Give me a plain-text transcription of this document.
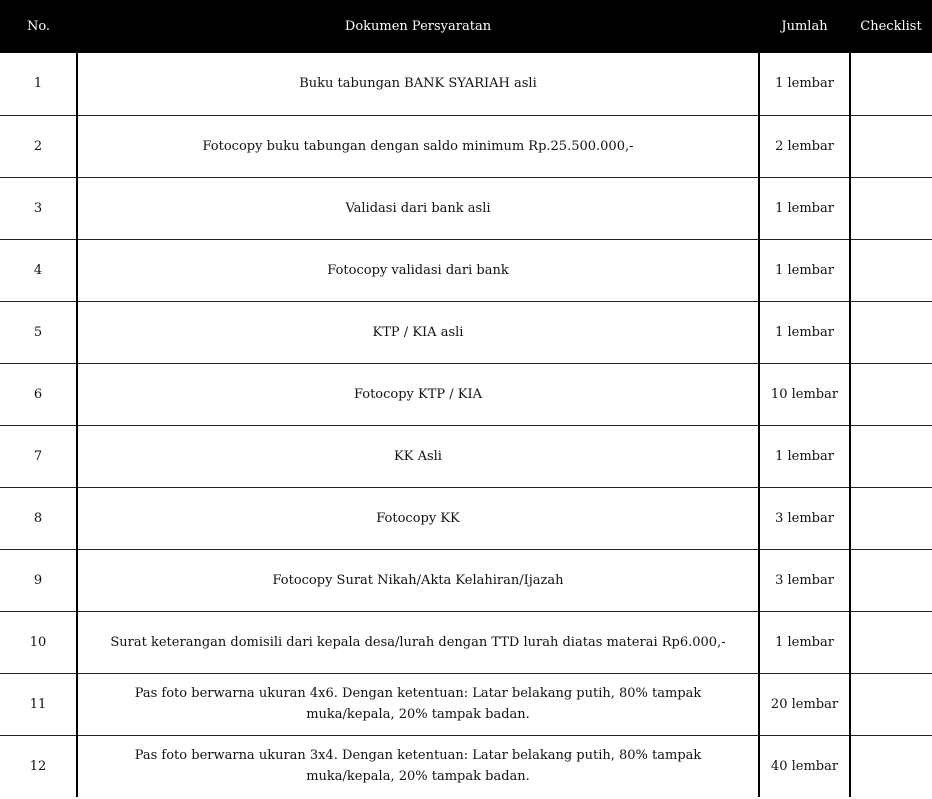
No.	Dokumen Persyaratan	Jumlah	Checklist
1	Buku tabungan BANK SYARIAH asli	1 lembar	
2	Fotocopy buku tabungan dengan saldo minimum Rp.25.500.000,-	2 lembar	
3	Validasi dari bank asli	1 lembar	
4	Fotocopy validasi dari bank	1 lembar	
5	KTP / KIA asli	1 lembar	
6	Fotocopy KTP / KIA	10 lembar	
7	KK Asli	1 lembar	
8	Fotocopy KK	3 lembar	
9	Fotocopy Surat Nikah/Akta Kelahiran/Ijazah	3 lembar	
10	Surat keterangan domisili dari kepala desa/lurah dengan TTD lurah diatas materai Rp6.000,-	1 lembar	
11	Pas foto berwarna ukuran 4x6. Dengan ketentuan: Latar belakang putih, 80% tampak muka/kepala, 20% tampak badan.	20 lembar	
12	Pas foto berwarna ukuran 3x4. Dengan ketentuan: Latar belakang putih, 80% tampak muka/kepala, 20% tampak badan.	40 lembar	
